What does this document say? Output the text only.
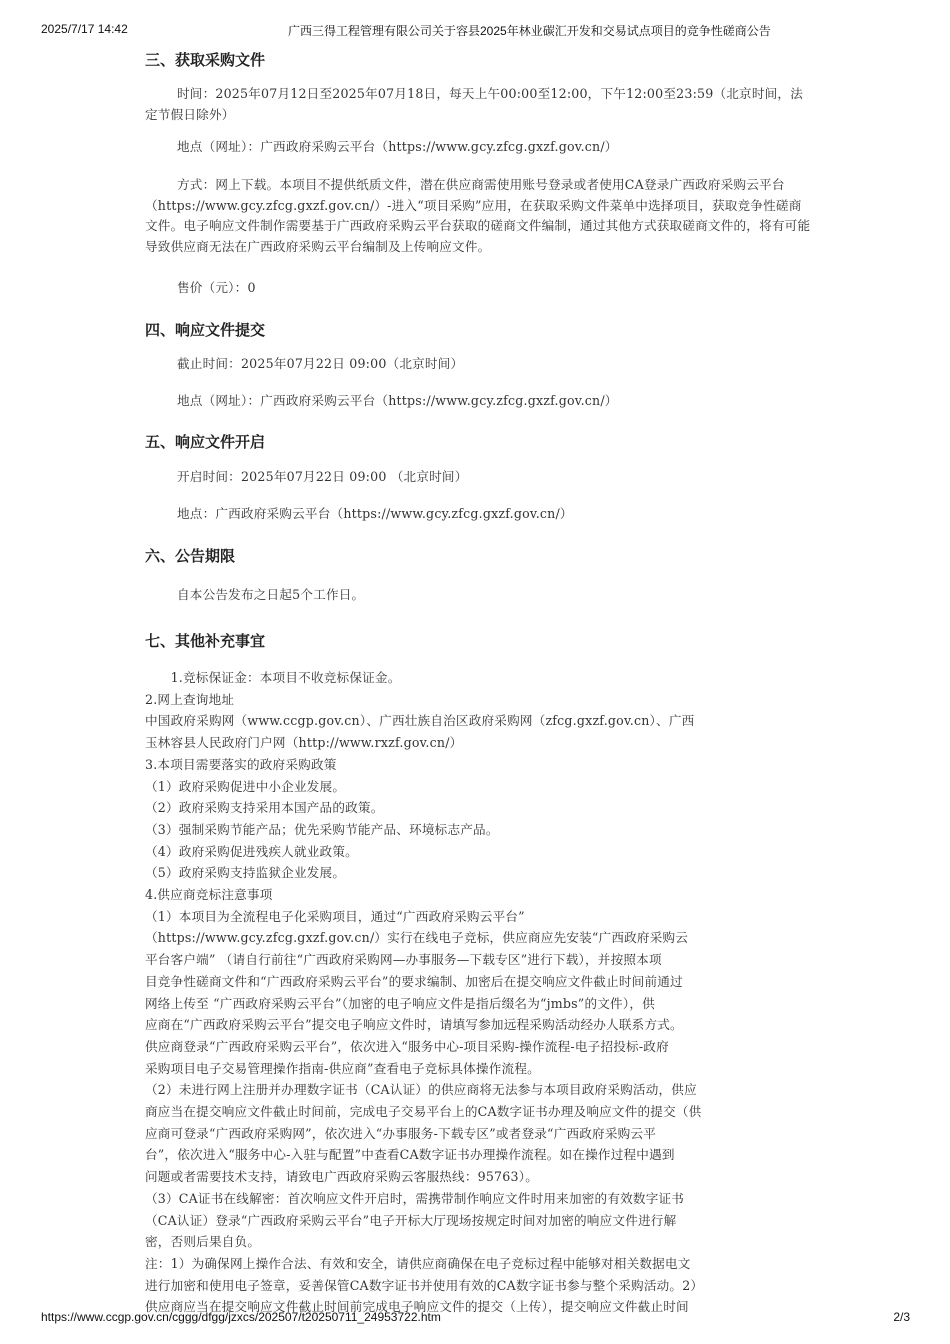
2025/7/17 14:42	广西三得工程管理有限公司关于容县2025年林业碳汇开发和交易试点项目的竞争性磋商公告
三、获取采购文件
时间：2025年07月12日至2025年07月18日，每天上午00:00至12:00，下午12:00至23:59（北京时间，法定节假日除外）
地点（网址）：广西政府采购云平台（https://www.gcy.zfcg.gxzf.gov.cn/）
方式：网上下载。本项目不提供纸质文件，潜在供应商需使用账号登录或者使用CA登录广西政府采购云平台（https://www.gcy.zfcg.gxzf.gov.cn/）-进入“项目采购”应用，在获取采购文件菜单中选择项目，获取竞争性磋商文件。电子响应文件制作需要基于广西政府采购云平台获取的磋商文件编制，通过其他方式获取磋商文件的，将有可能导致供应商无法在广西政府采购云平台编制及上传响应文件。
售价（元）：0
四、响应文件提交
截止时间：2025年07月22日 09:00（北京时间）
地点（网址）：广西政府采购云平台（https://www.gcy.zfcg.gxzf.gov.cn/）
五、响应文件开启
开启时间：2025年07月22日 09:00 （北京时间）
地点：广西政府采购云平台（https://www.gcy.zfcg.gxzf.gov.cn/）
六、公告期限
自本公告发布之日起5个工作日。
七、其他补充事宜
　　1.竞标保证金：本项目不收竞标保证金。
2.网上查询地址
中国政府采购网（www.ccgp.gov.cn）、广西壮族自治区政府采购网（zfcg.gxzf.gov.cn）、广西
玉林容县人民政府门户网（http://www.rxzf.gov.cn/）
3.本项目需要落实的政府采购政策
（1）政府采购促进中小企业发展。
（2）政府采购支持采用本国产品的政策。
（3）强制采购节能产品；优先采购节能产品、环境标志产品。
（4）政府采购促进残疾人就业政策。
（5）政府采购支持监狱企业发展。
4.供应商竞标注意事项
（1）本项目为全流程电子化采购项目，通过“广西政府采购云平台”
（https://www.gcy.zfcg.gxzf.gov.cn/）实行在线电子竞标，供应商应先安装“广西政府采购云
平台客户端” （请自行前往“广西政府采购网—办事服务—下载专区”进行下载），并按照本项
目竞争性磋商文件和“广西政府采购云平台”的要求编制、加密后在提交响应文件截止时间前通过
网络上传至 “广西政府采购云平台”（加密的电子响应文件是指后缀名为“jmbs”的文件），供
应商在“广西政府采购云平台”提交电子响应文件时，请填写参加远程采购活动经办人联系方式。
供应商登录“广西政府采购云平台”，依次进入“服务中心-项目采购-操作流程-电子招投标-政府
采购项目电子交易管理操作指南-供应商”查看电子竞标具体操作流程。
（2）未进行网上注册并办理数字证书（CA认证）的供应商将无法参与本项目政府采购活动，供应
商应当在提交响应文件截止时间前，完成电子交易平台上的CA数字证书办理及响应文件的提交（供
应商可登录“广西政府采购网”，依次进入“办事服务-下载专区”或者登录“广西政府采购云平
台”，依次进入“服务中心-入驻与配置”中查看CA数字证书办理操作流程。如在操作过程中遇到
问题或者需要技术支持，请致电广西政府采购云客服热线：95763）。
（3）CA证书在线解密：首次响应文件开启时，需携带制作响应文件时用来加密的有效数字证书
（CA认证）登录“广西政府采购云平台”电子开标大厅现场按规定时间对加密的响应文件进行解
密，否则后果自负。
注：1）为确保网上操作合法、有效和安全，请供应商确保在电子竞标过程中能够对相关数据电文
进行加密和使用电子签章，妥善保管CA数字证书并使用有效的CA数字证书参与整个采购活动。2）
供应商应当在提交响应文件截止时间前完成电子响应文件的提交（上传），提交响应文件截止时间
https://www.ccgp.gov.cn/cggg/dfgg/jzxcs/202507/t20250711_24953722.htm	2/3
